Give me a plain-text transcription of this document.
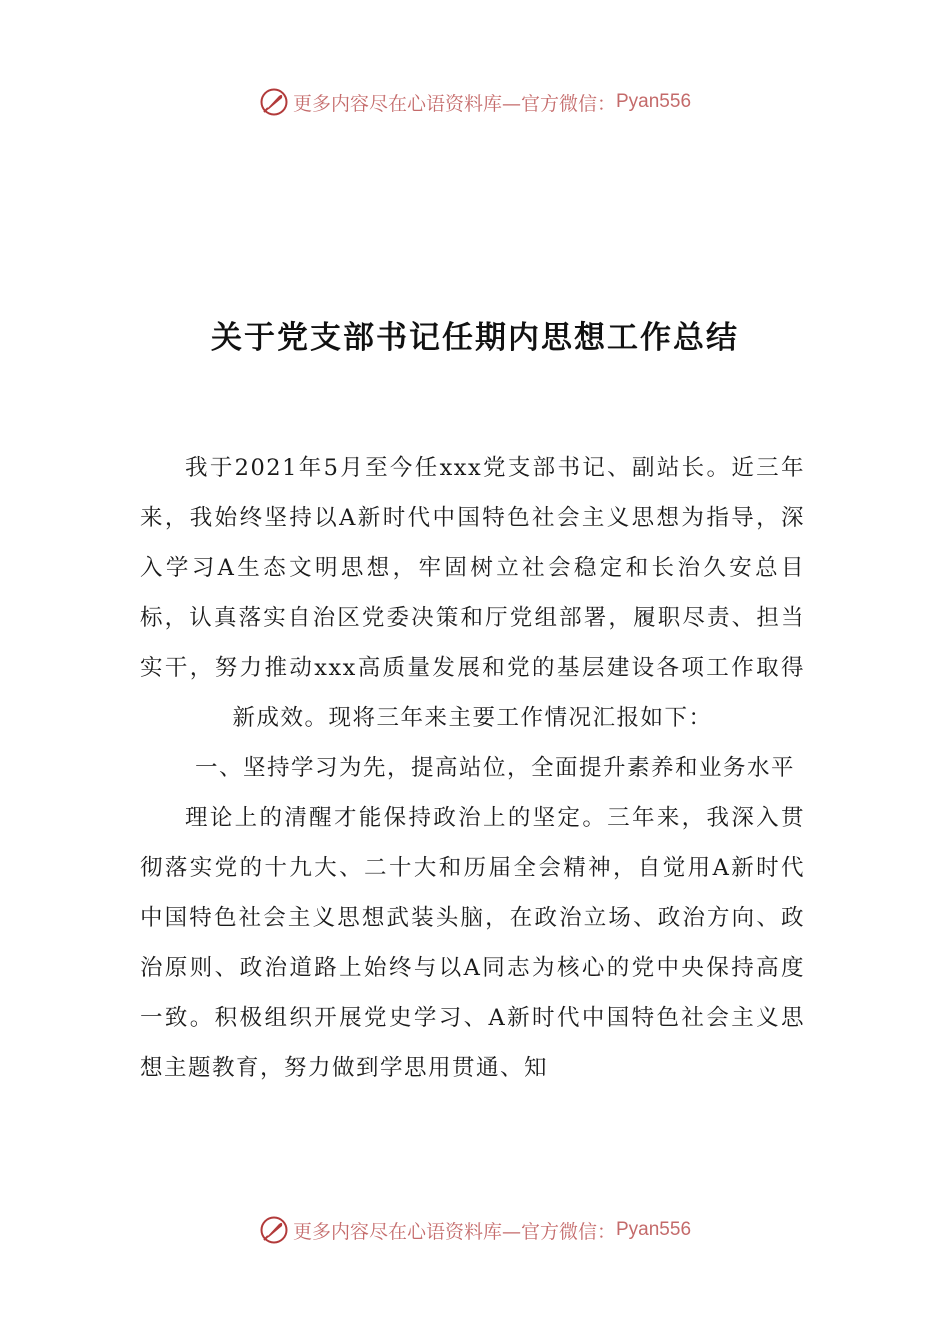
更多内容尽在心语资料库—官方微信： Pyan556
关于党支部书记任期内思想工作总结

我于2021年5月至今任xxx党支部书记、副站长。近三年来，我始终坚持以A新时代中国特色社会主义思想为指导，深入学习A生态文明思想，牢固树立社会稳定和长治久安总目标，认真落实自治区党委决策和厅党组部署，履职尽责、担当实干，努力推动xxx高质量发展和党的基层建设各项工作取得新成效。现将三年来主要工作情况汇报如下：

一、坚持学习为先，提高站位，全面提升素养和业务水平

理论上的清醒才能保持政治上的坚定。三年来，我深入贯彻落实党的十九大、二十大和历届全会精神，自觉用A新时代中国特色社会主义思想武装头脑，在政治立场、政治方向、政治原则、政治道路上始终与以A同志为核心的党中央保持高度一致。积极组织开展党史学习、A新时代中国特色社会主义思想主题教育，努力做到学思用贯通、知

更多内容尽在心语资料库—官方微信： Pyan556
